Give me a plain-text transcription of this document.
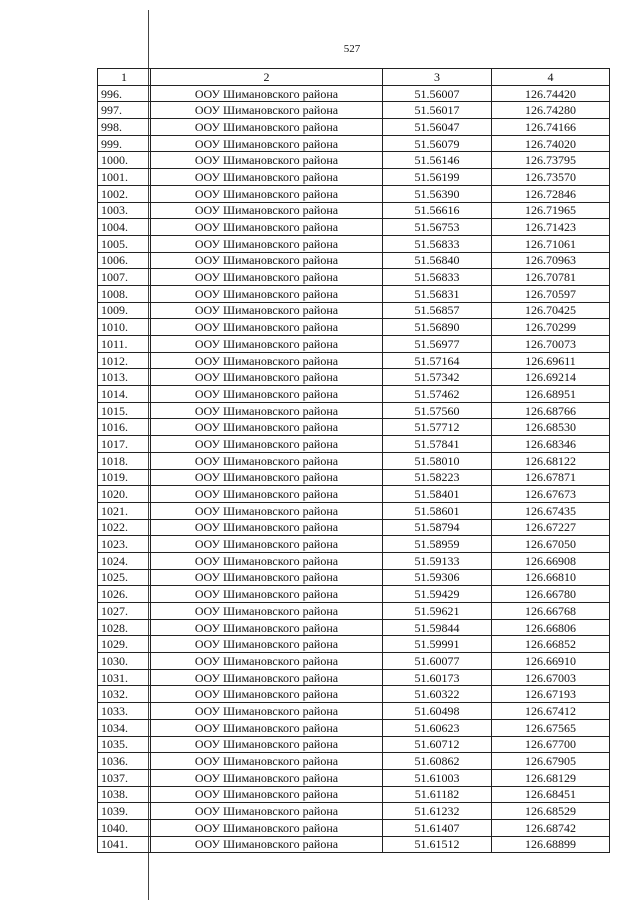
527
1	2	3	4
996.	ООУ Шимановского района	51.56007	126.74420
997.	ООУ Шимановского района	51.56017	126.74280
998.	ООУ Шимановского района	51.56047	126.74166
999.	ООУ Шимановского района	51.56079	126.74020
1000.	ООУ Шимановского района	51.56146	126.73795
1001.	ООУ Шимановского района	51.56199	126.73570
1002.	ООУ Шимановского района	51.56390	126.72846
1003.	ООУ Шимановского района	51.56616	126.71965
1004.	ООУ Шимановского района	51.56753	126.71423
1005.	ООУ Шимановского района	51.56833	126.71061
1006.	ООУ Шимановского района	51.56840	126.70963
1007.	ООУ Шимановского района	51.56833	126.70781
1008.	ООУ Шимановского района	51.56831	126.70597
1009.	ООУ Шимановского района	51.56857	126.70425
1010.	ООУ Шимановского района	51.56890	126.70299
1011.	ООУ Шимановского района	51.56977	126.70073
1012.	ООУ Шимановского района	51.57164	126.69611
1013.	ООУ Шимановского района	51.57342	126.69214
1014.	ООУ Шимановского района	51.57462	126.68951
1015.	ООУ Шимановского района	51.57560	126.68766
1016.	ООУ Шимановского района	51.57712	126.68530
1017.	ООУ Шимановского района	51.57841	126.68346
1018.	ООУ Шимановского района	51.58010	126.68122
1019.	ООУ Шимановского района	51.58223	126.67871
1020.	ООУ Шимановского района	51.58401	126.67673
1021.	ООУ Шимановского района	51.58601	126.67435
1022.	ООУ Шимановского района	51.58794	126.67227
1023.	ООУ Шимановского района	51.58959	126.67050
1024.	ООУ Шимановского района	51.59133	126.66908
1025.	ООУ Шимановского района	51.59306	126.66810
1026.	ООУ Шимановского района	51.59429	126.66780
1027.	ООУ Шимановского района	51.59621	126.66768
1028.	ООУ Шимановского района	51.59844	126.66806
1029.	ООУ Шимановского района	51.59991	126.66852
1030.	ООУ Шимановского района	51.60077	126.66910
1031.	ООУ Шимановского района	51.60173	126.67003
1032.	ООУ Шимановского района	51.60322	126.67193
1033.	ООУ Шимановского района	51.60498	126.67412
1034.	ООУ Шимановского района	51.60623	126.67565
1035.	ООУ Шимановского района	51.60712	126.67700
1036.	ООУ Шимановского района	51.60862	126.67905
1037.	ООУ Шимановского района	51.61003	126.68129
1038.	ООУ Шимановского района	51.61182	126.68451
1039.	ООУ Шимановского района	51.61232	126.68529
1040.	ООУ Шимановского района	51.61407	126.68742
1041.	ООУ Шимановского района	51.61512	126.68899
